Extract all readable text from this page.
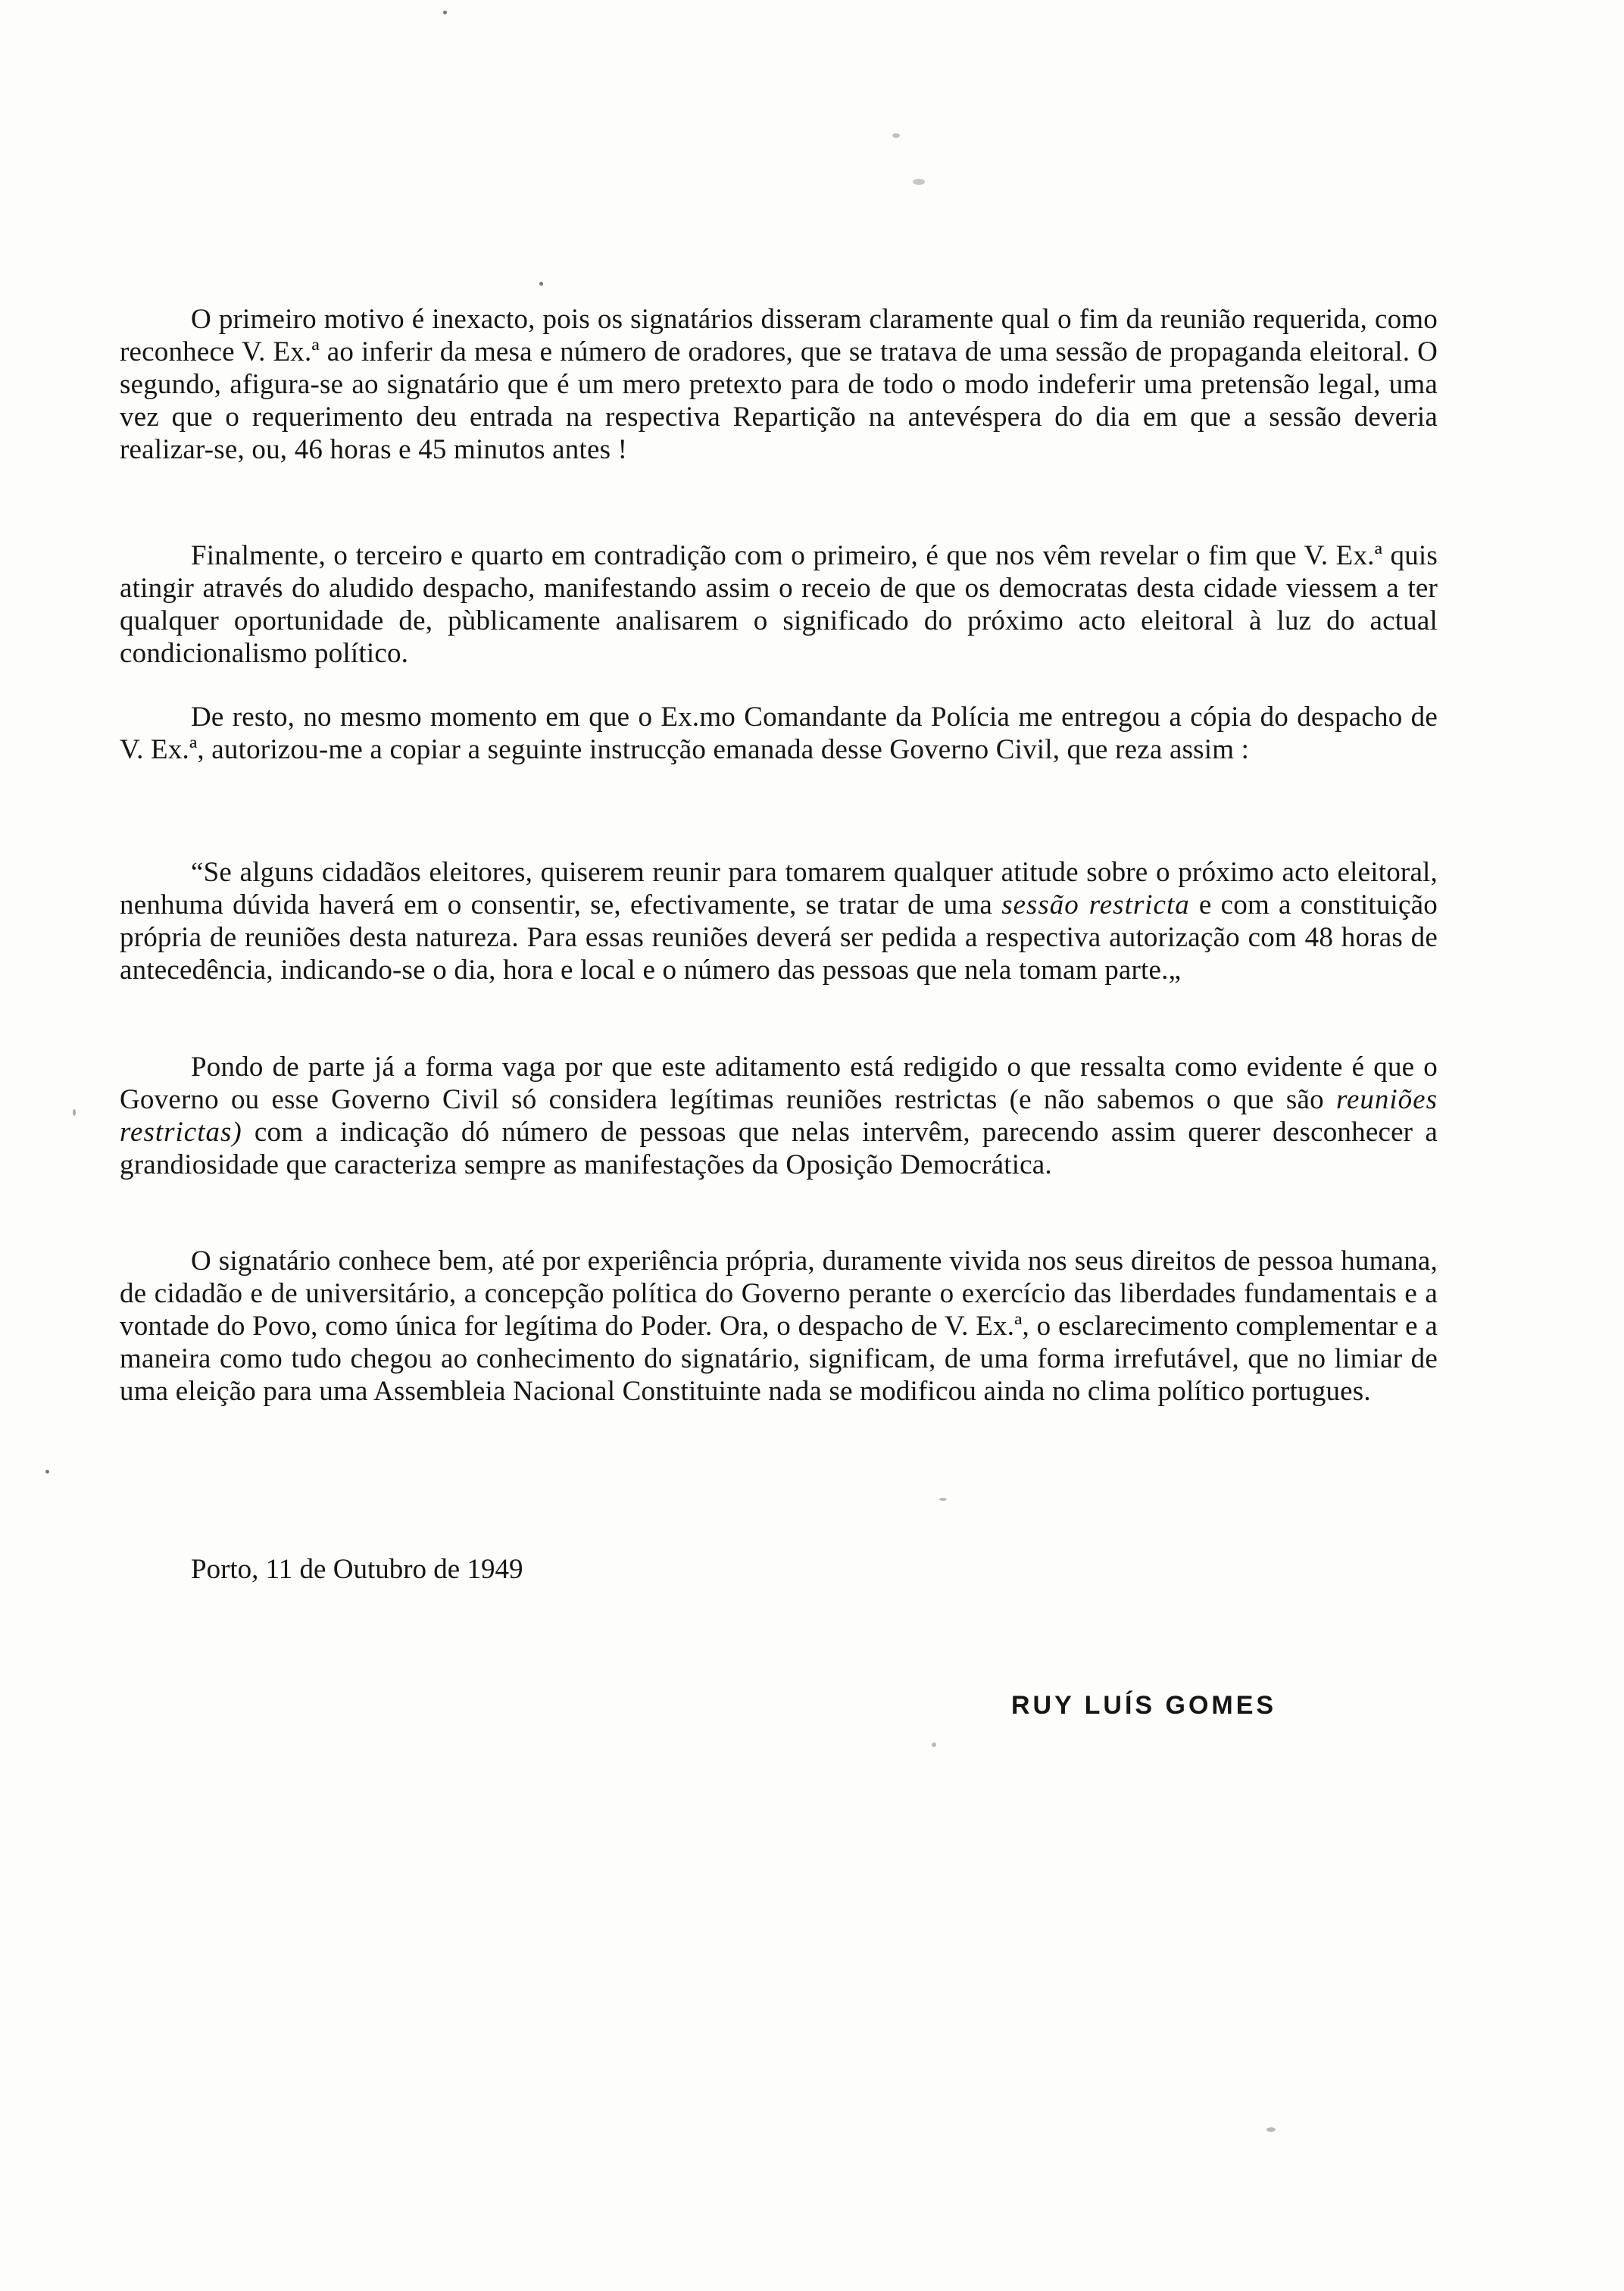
O primeiro motivo é inexacto, pois os signatários disseram claramente qual o fim da reunião requerida, como reconhece V. Ex.ª ao inferir da mesa e número de oradores, que se tratava de uma sessão de propaganda eleitoral. O segundo, afigura-se ao signatário que é um mero pretexto para de todo o modo indeferir uma pretensão legal, uma vez que o requerimento deu entrada na respectiva Repartição na antevéspera do dia em que a sessão deveria realizar-se, ou, 46 horas e 45 minutos antes !

Finalmente, o terceiro e quarto em contradição com o primeiro, é que nos vêm revelar o fim que V. Ex.ª quis atingir através do aludido despacho, manifestando assim o receio de que os democratas desta cidade viessem a ter qualquer oportunidade de, pùblicamente analisarem o significado do próximo acto eleitoral à luz do actual condicionalismo político.

De resto, no mesmo momento em que o Ex.mo Comandante da Polícia me entregou a cópia do despacho de V. Ex.ª, autorizou-me a copiar a seguinte instrucção emanada desse Governo Civil, que reza assim :

“Se alguns cidadãos eleitores, quiserem reunir para tomarem qualquer atitude sobre o próximo acto eleitoral, nenhuma dúvida haverá em o consentir, se, efectivamente, se tratar de uma sessão restricta e com a constituição própria de reuniões desta natureza. Para essas reuniões deverá ser pedida a respectiva autorização com 48 horas de antecedência, indicando-se o dia, hora e local e o número das pessoas que nela tomam parte.„

Pondo de parte já a forma vaga por que este aditamento está redigido o que ressalta como evidente é que o Governo ou esse Governo Civil só considera legítimas reuniões restrictas (e não sabemos o que são reuniões restrictas) com a indicação dó número de pessoas que nelas intervêm, parecendo assim querer desconhecer a grandiosidade que caracteriza sempre as manifestações da Oposição Democrática.

O signatário conhece bem, até por experiência própria, duramente vivida nos seus direitos de pessoa humana, de cidadão e de universitário, a concepção política do Governo perante o exercício das liberdades fundamentais e a vontade do Povo, como única for legítima do Poder. Ora, o despacho de V. Ex.ª, o esclarecimento complementar e a maneira como tudo chegou ao conhecimento do signatário, significam, de uma forma irrefutável, que no limiar de uma eleição para uma Assembleia Nacional Constituinte nada se modificou ainda no clima político portugues.

Porto, 11 de Outubro de 1949
RUY LUÍS GOMES
